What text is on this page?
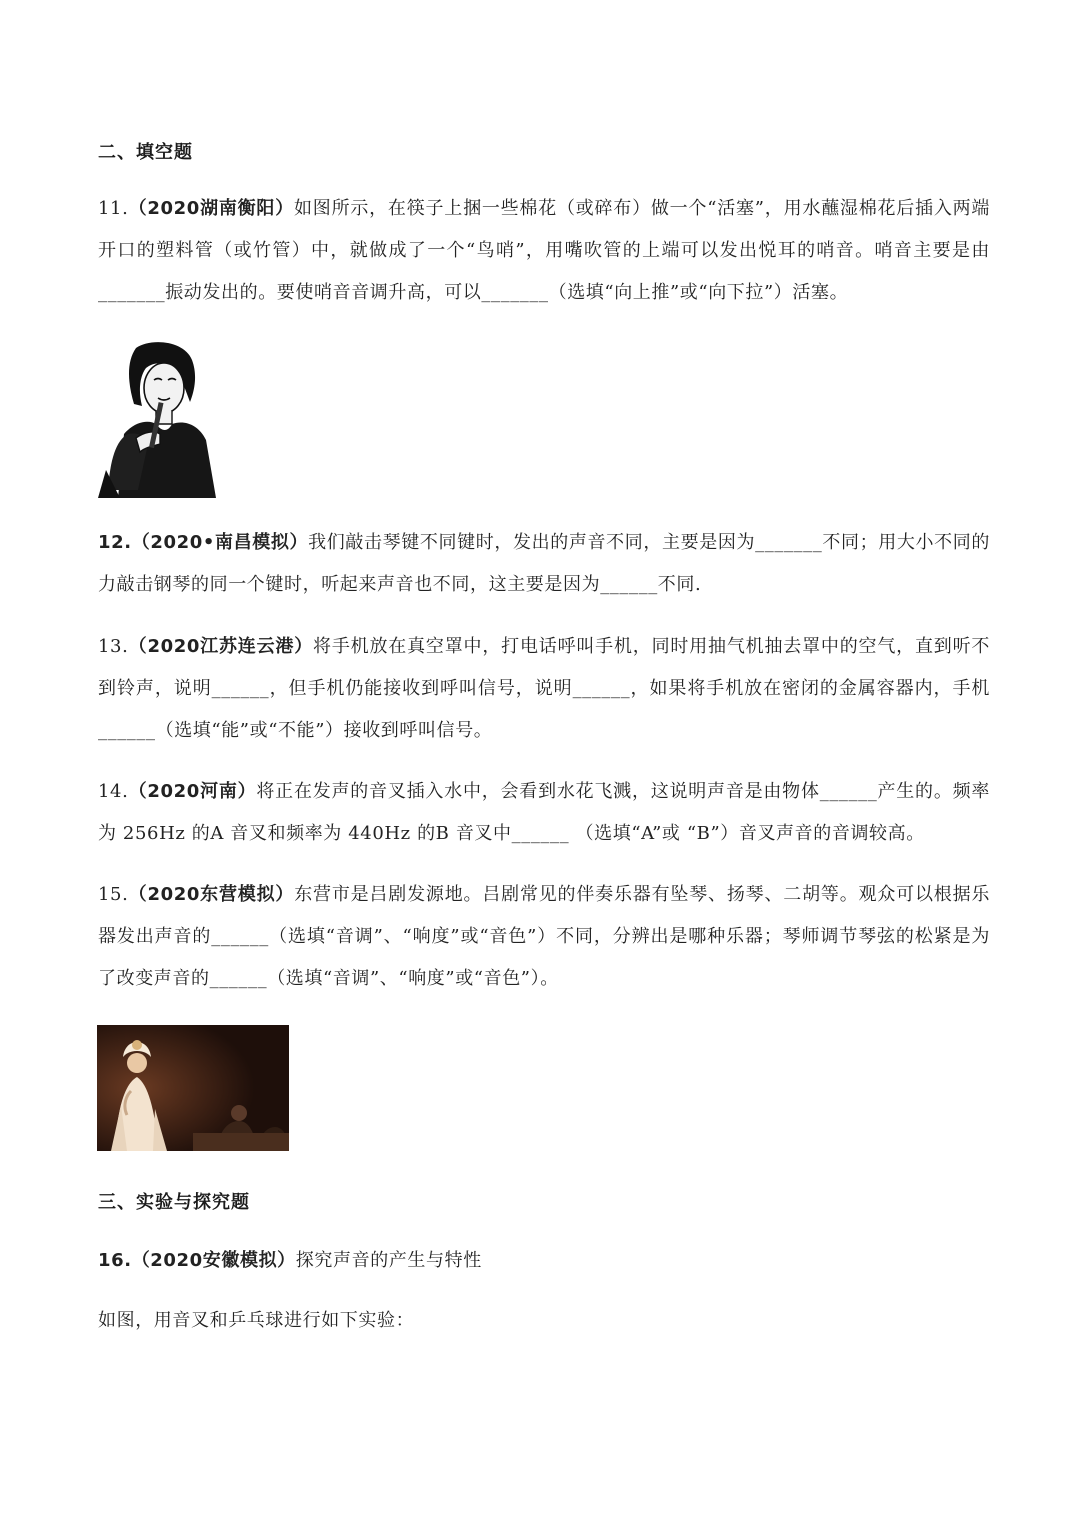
二、填空题
11.（2020湖南衡阳）如图所示，在筷子上捆一些棉花（或碎布）做一个“活塞”，用水蘸湿棉花后插入两端开口的塑料管（或竹管）中，就做成了一个“鸟哨”，用嘴吹管的上端可以发出悦耳的哨音。哨音主要是由_______振动发出的。要使哨音音调升高，可以_______（选填“向上推”或“向下拉”）活塞。
12.（2020•南昌模拟）我们敲击琴键不同键时，发出的声音不同，主要是因为_______不同；用大小不同的力敲击钢琴的同一个键时，听起来声音也不同，这主要是因为______不同.
13.（2020江苏连云港）将手机放在真空罩中，打电话呼叫手机，同时用抽气机抽去罩中的空气，直到听不到铃声，说明______，但手机仍能接收到呼叫信号，说明______，如果将手机放在密闭的金属容器内，手机______（选填“能”或“不能”）接收到呼叫信号。
14.（2020河南）将正在发声的音叉插入水中，会看到水花飞溅，这说明声音是由物体______产生的。频率为 256Hz 的A 音叉和频率为 440Hz 的B 音叉中______ （选填“A”或 “B”）音叉声音的音调较高。
15.（2020东营模拟）东营市是吕剧发源地。吕剧常见的伴奏乐器有坠琴、扬琴、二胡等。观众可以根据乐器发出声音的______（选填“音调”、“响度”或“音色”）不同，分辨出是哪种乐器；琴师调节琴弦的松紧是为了改变声音的______（选填“音调”、“响度”或“音色”）。
三、实验与探究题
16.（2020安徽模拟）探究声音的产生与特性
如图，用音叉和乒乓球进行如下实验：
